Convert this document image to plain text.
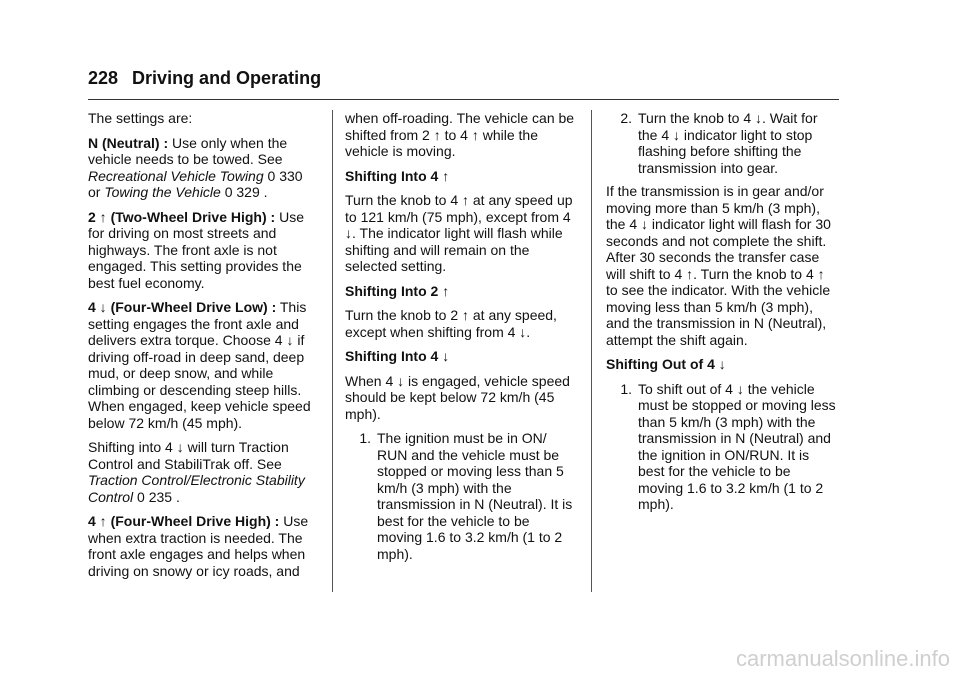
228 Driving and Operating

The settings are:

N (Neutral) : Use only when the vehicle needs to be towed. See
Recreational Vehicle Towing 0 330
or Towing the Vehicle 0 329 .

2 ↑ (Two-Wheel Drive High) : Use for driving on most streets and highways. The front axle is not engaged. This setting provides the best fuel economy.

4 ↓ (Four-Wheel Drive Low) : This setting engages the front axle and delivers extra torque. Choose 4 ↓ if driving off-road in deep sand, deep mud, or deep snow, and while climbing or descending steep hills. When engaged, keep vehicle speed below 72 km/h (45 mph).

Shifting into 4 ↓ will turn Traction Control and StabiliTrak off. See
Traction Control/Electronic Stability Control 0 235 .

4 ↑ (Four-Wheel Drive High) : Use when extra traction is needed. The front axle engages and helps when driving on snowy or icy roads, and

when off-roading. The vehicle can be shifted from 2 ↑ to 4 ↑ while the vehicle is moving.

Shifting Into 4 ↑

Turn the knob to 4 ↑ at any speed up to 121 km/h (75 mph), except from 4 ↓. The indicator light will flash while shifting and will remain on the selected setting.

Shifting Into 2 ↑

Turn the knob to 2 ↑ at any speed, except when shifting from 4 ↓.

Shifting Into 4 ↓

When 4 ↓ is engaged, vehicle speed should be kept below 72 km/h (45 mph).

1. The ignition must be in ON/ RUN and the vehicle must be stopped or moving less than 5 km/h (3 mph) with the transmission in N (Neutral). It is best for the vehicle to be moving 1.6 to 3.2 km/h (1 to 2 mph).
2. Turn the knob to 4 ↓. Wait for the 4 ↓ indicator light to stop flashing before shifting the transmission into gear.

If the transmission is in gear and/or moving more than 5 km/h (3 mph), the 4 ↓ indicator light will flash for 30 seconds and not complete the shift. After 30 seconds the transfer case will shift to 4 ↑. Turn the knob to 4 ↑ to see the indicator. With the vehicle moving less than 5 km/h (3 mph), and the transmission in N (Neutral), attempt the shift again.

Shifting Out of 4 ↓

1. To shift out of 4 ↓ the vehicle must be stopped or moving less than 5 km/h (3 mph) with the transmission in N (Neutral) and the ignition in ON/RUN. It is best for the vehicle to be moving 1.6 to 3.2 km/h (1 to 2 mph).
carmanualsonline.info
